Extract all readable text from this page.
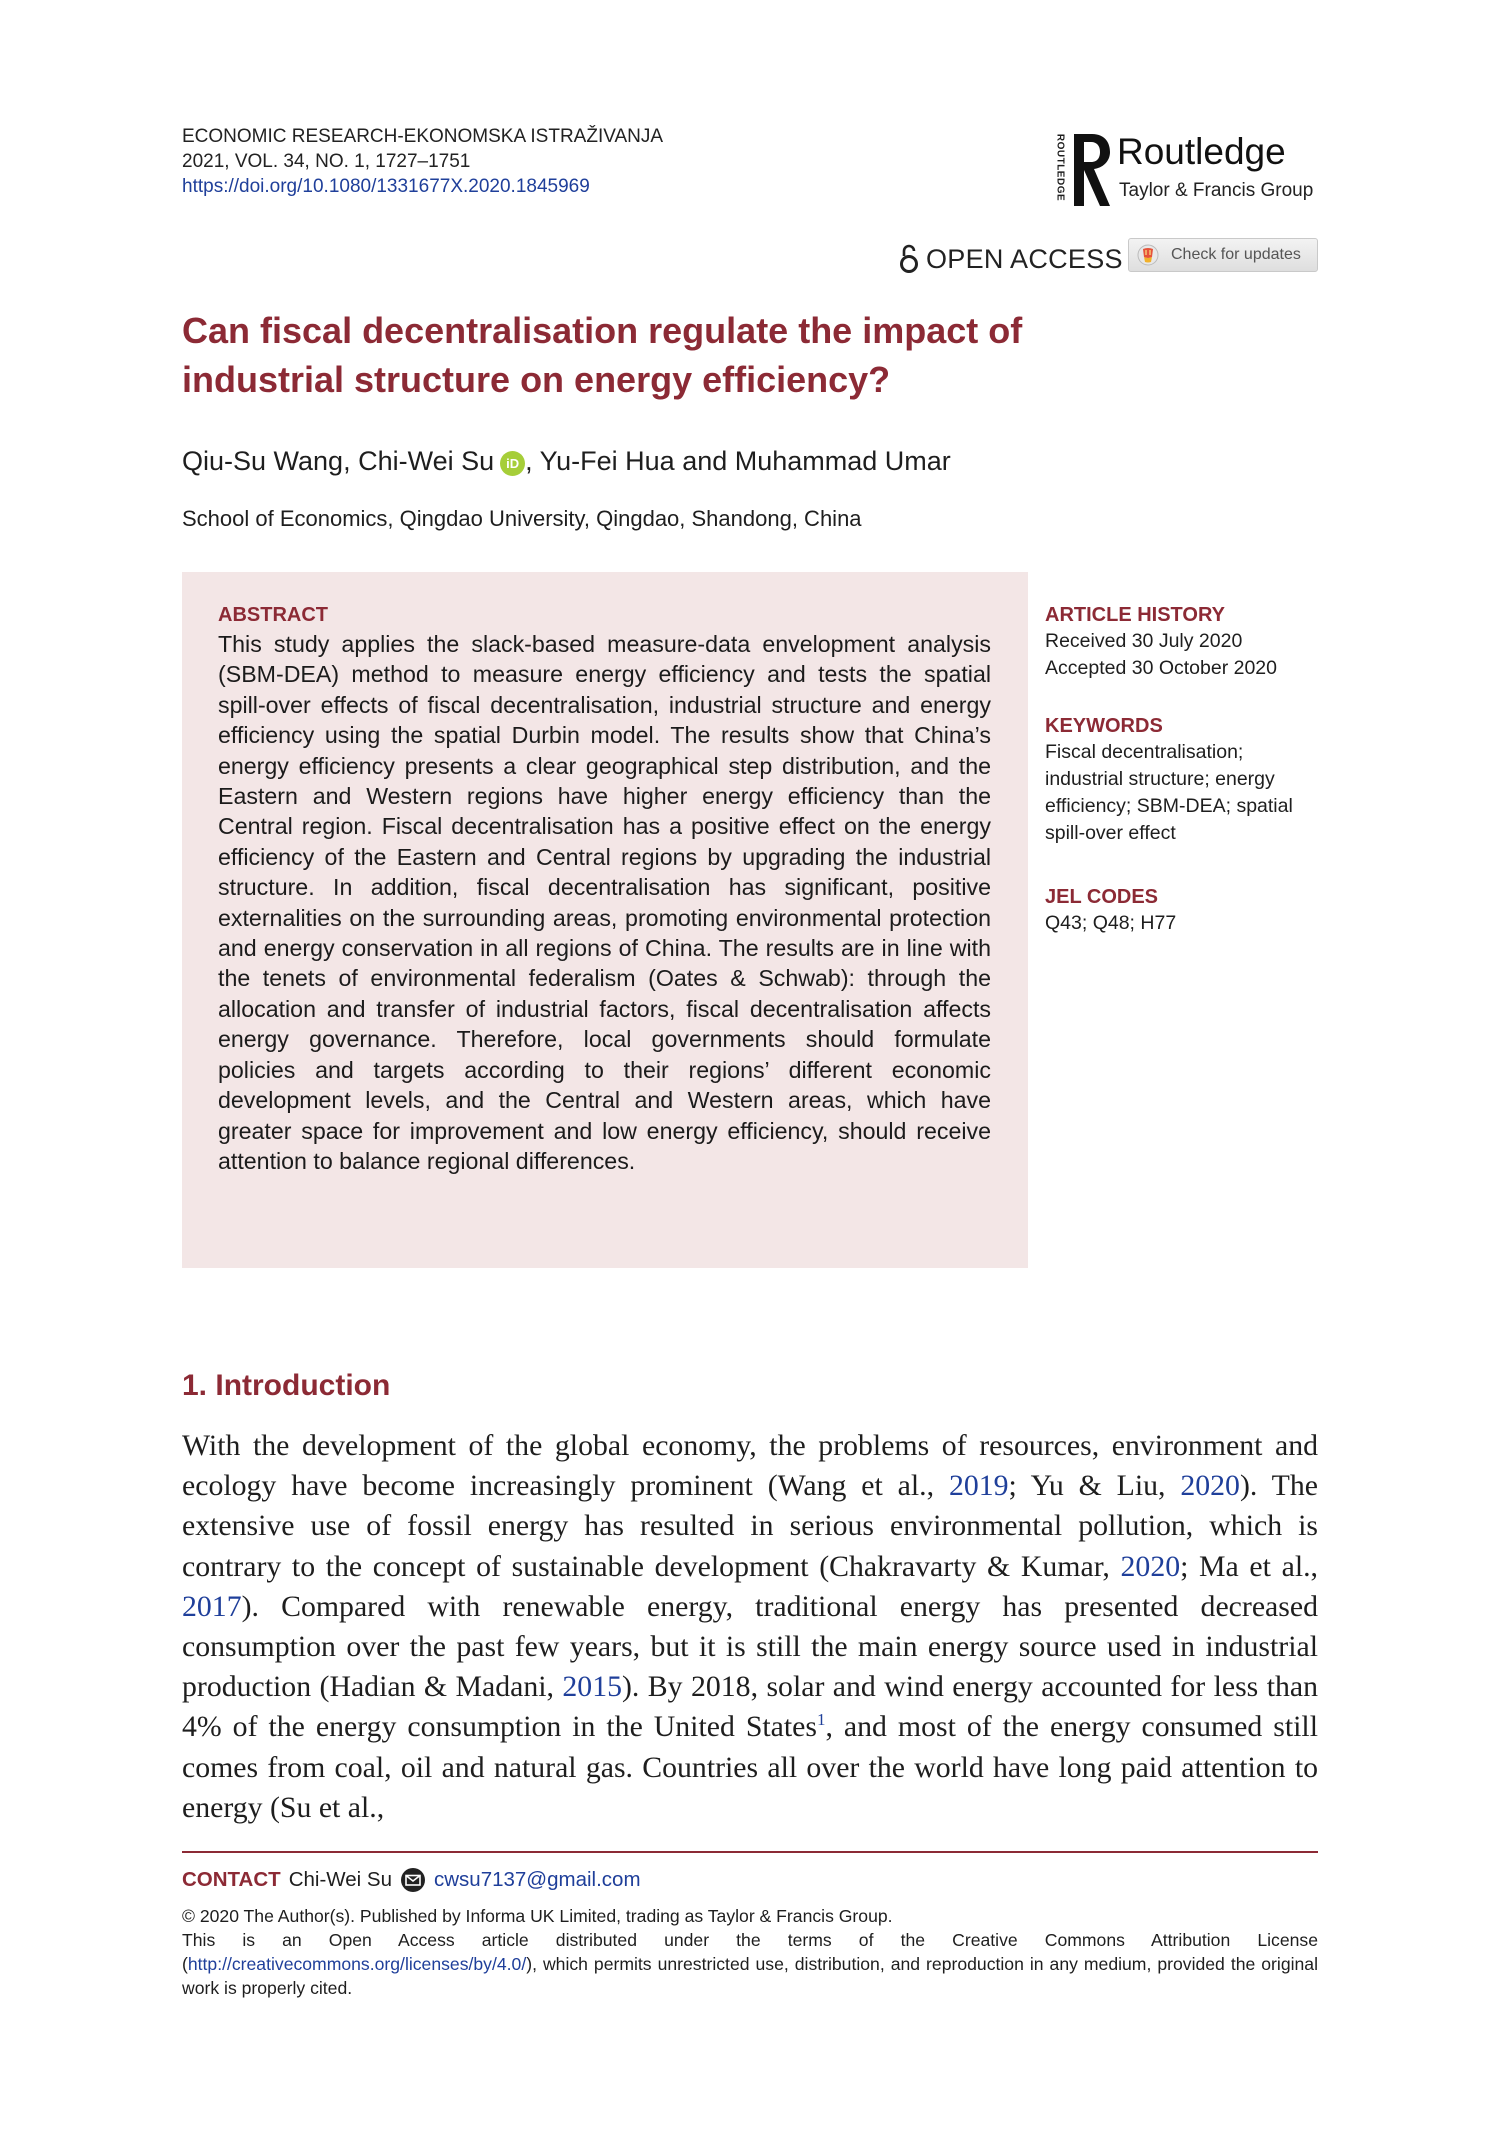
ECONOMIC RESEARCH-EKONOMSKA ISTRAŽIVANJA
2021, VOL. 34, NO. 1, 1727–1751
https://doi.org/10.1080/1331677X.2020.1845969	ROUTLEDGE Routledge
Taylor & Francis Group
OPEN ACCESS	Check for updates
Can fiscal decentralisation regulate the impact of industrial structure on energy efficiency?
Qiu-Su Wang, Chi-Wei Su iD , Yu-Fei Hua and Muhammad Umar
School of Economics, Qingdao University, Qingdao, Shandong, China
ABSTRACT
This study applies the slack-based measure-data envelopment analysis (SBM-DEA) method to measure energy efficiency and tests the spatial spill-over effects of fiscal decentralisation, industrial structure and energy efficiency using the spatial Durbin model. The results show that China’s energy efficiency presents a clear geographical step distribution, and the Eastern and Western regions have higher energy efficiency than the Central region. Fiscal decentralisation has a positive effect on the energy efficiency of the Eastern and Central regions by upgrading the industrial structure. In addition, fiscal decentralisation has significant, positive externalities on the surrounding areas, promoting environmental protection and energy conservation in all regions of China. The results are in line with the tenets of environmental federalism (Oates & Schwab): through the allocation and transfer of industrial factors, fiscal decentralisation affects energy governance. Therefore, local governments should formulate policies and targets according to their regions’ different economic development levels, and the Central and Western areas, which have greater space for improvement and low energy efficiency, should receive attention to balance regional differences.
ARTICLE HISTORY

Received 30 July 2020

Accepted 30 October 2020

KEYWORDS

Fiscal decentralisation; industrial structure; energy efficiency; SBM-DEA; spatial spill-over effect

JEL CODES

Q43; Q48; H77

1. Introduction
With the development of the global economy, the problems of resources, environment and ecology have become increasingly prominent (Wang et al., 2019; Yu & Liu, 2020). The extensive use of fossil energy has resulted in serious environmental pollution, which is contrary to the concept of sustainable development (Chakravarty & Kumar, 2020; Ma et al., 2017). Compared with renewable energy, traditional energy has presented decreased consumption over the past few years, but it is still the main energy source used in industrial production (Hadian & Madani, 2015). By 2018, solar and wind energy accounted for less than 4% of the energy consumption in the United States$^1$, and most of the energy consumed still comes from coal, oil and natural gas. Countries all over the world have long paid attention to energy (Su et al.,
CONTACT Chi-Wei Su cwsu7137@gmail.com
© 2020 The Author(s). Published by Informa UK Limited, trading as Taylor & Francis Group.
This is an Open Access article distributed under the terms of the Creative Commons Attribution License (http://creativecommons.org/licenses/by/4.0/), which permits unrestricted use, distribution, and reproduction in any medium, provided the original work is properly cited.
